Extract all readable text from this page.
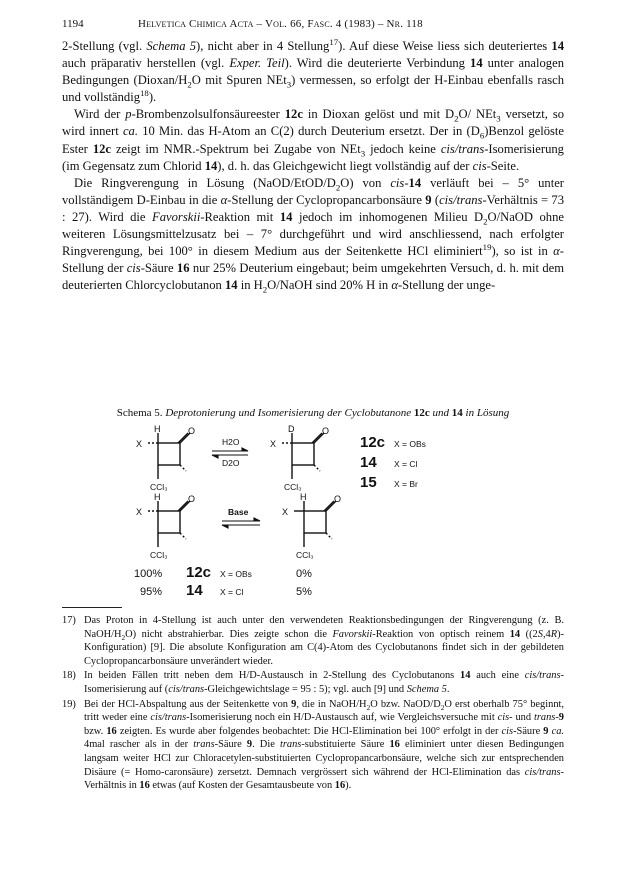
1194	Helvetica Chimica Acta – Vol. 66, Fasc. 4 (1983) – Nr. 118

2-Stellung (vgl. Schema 5), nicht aber in 4 Stellung$^{17}$). Auf diese Weise liess sich deuteriertes 14 auch präparativ herstellen (vgl. Exper. Teil). Wird die deuterierte Verbindung 14 unter analogen Bedingungen ($Dioxan/H_2O$ mit Spuren NEt$_3$) vermessen, so erfolgt der H-Einbau ebenfalls rasch und vollständig$^{18}$).

Wird der p-Brombenzolsulfonsäureester 12c in Dioxan gelöst und mit $D_2O/$ NEt$_3$ versetzt, so wird innert ca. 10 Min. das H-Atom an C(2) durch Deuterium ersetzt. Der in $(D_6)Benzol$ gelöste Ester 12c zeigt im NMR.-Spektrum bei Zugabe von NEt$_3$ jedoch keine cis/trans-Isomerisierung (im Gegensatz zum Chlorid 14), d. h. das Gleichgewicht liegt vollständig auf der cis-Seite.

Die Ringverengung in Lösung $(NaOD/EtOD/D_2O)$ von cis-14 verläuft bei – 5° unter vollständigem D-Einbau in die α-Stellung der Cyclopropancarbonsäure 9 (cis/trans-Verhältnis = 73 : 27). Wird die Favorskii-Reaktion mit 14 jedoch im inhomogenen Milieu $D_2O$/NaOD ohne weiteren Lösungsmittelzusatz bei – 7° durchgeführt und wird anschliessend, nach erfolgter Ringverengung, bei 100° in diesem Medium aus der Seitenkette HCl eliminiert$^{19}$), so ist in α-Stellung der cis-Säure 16 nur 25% Deuterium eingebaut; beim umgekehrten Versuch, d. h. mit dem deuterierten Chlorcyclobutanon 14 in $H_2O$/NaOH sind 20% H in α-Stellung der unge-

Schema 5. Deprotonierung und Isomerisierung der Cyclobutanone 12c und 14 in Lösung
H
X
O
CCl₃
H2O
D2O
D
X
O
CCl₃
12c X = OBs
14 X = Cl
15 X = Br
H
X
O
CCl₃
Base
H
X
O
CCl₃
100% 12c X = OBs	0%
95% 14 X = Cl	5%
17) Das Proton in 4-Stellung ist auch unter den verwendeten Reaktionsbedingungen der Ringverengung (z. B. NaOH/$H_2O$) nicht abstrahierbar. Dies zeigte schon die Favorskii-Reaktion von optisch reinem 14 ((2S,4R)-Konfiguration) [9]. Die absolute Konfiguration am C(4)-Atom des Cyclobutanons findet sich in der gebildeten Cyclopropancarbonsäure unverändert wieder.
18) In beiden Fällen tritt neben dem H/D-Austausch in 2-Stellung des Cyclobutanons 14 auch eine cis/trans-Isomerisierung auf (cis/trans-Gleichgewichtslage = 95 : 5); vgl. auch [9] und Schema 5.
19) Bei der HCl-Abspaltung aus der Seitenkette von 9, die in NaOH/$H_2O$ bzw. NaOD/$D_2O$ erst oberhalb 75° beginnt, tritt weder eine cis/trans-Isomerisierung noch ein H/D-Austausch auf, wie Vergleichsversuche mit cis- und trans-9 bzw. 16 zeigten. Es wurde aber folgendes beobachtet: Die HCl-Elimination bei 100° erfolgt in der cis-Säure 9 ca. 4mal rascher als in der trans-Säure 9. Die trans-substituierte Säure 16 eliminiert unter diesen Bedingungen langsam weiter HCl zur Chloracetylen-substituierten Cyclopropancarbonsäure, welche sich zur entsprechenden Disäure (= Homo-caronsäure) zersetzt. Demnach vergrössert sich während der HCl-Elimination das cis/trans-Verhältnis in 16 etwas (auf Kosten der Gesamtausbeute von 16).
